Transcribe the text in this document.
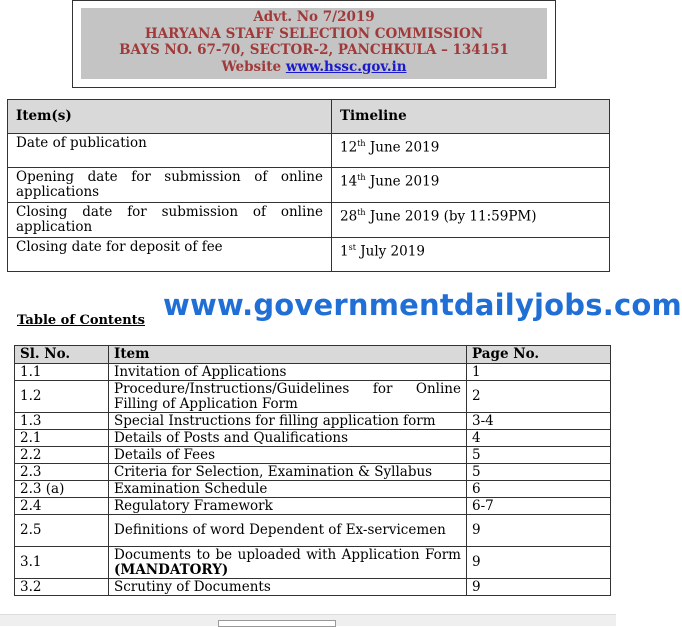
Advt. No 7/2019
HARYANA STAFF SELECTION COMMISSION
BAYS NO. 67-70, SECTOR-2, PANCHKULA – 134151
Website www.hssc.gov.in
Item(s)	Timeline
Date of publication	12th June 2019
Opening date for submission of online applications	14th June 2019
Closing date for submission of online application	28th June 2019 (by 11:59PM)
Closing date for deposit of fee	1st July 2019
Table of Contents www.governmentdailyjobs.com
Sl. No.	Item	Page No.
1.1	Invitation of Applications	1
1.2	Procedure/Instructions/Guidelines for Online Filling of Application Form	2
1.3	Special Instructions for filling application form	3-4
2.1	Details of Posts and Qualifications	4
2.2	Details of Fees	5
2.3	Criteria for Selection, Examination & Syllabus	5
2.3 (a)	Examination Schedule	6
2.4	Regulatory Framework	6-7
2.5	Definitions of word Dependent of Ex-servicemen	9
3.1	Documents to be uploaded with Application Form (MANDATORY)	9
3.2	Scrutiny of Documents	9
